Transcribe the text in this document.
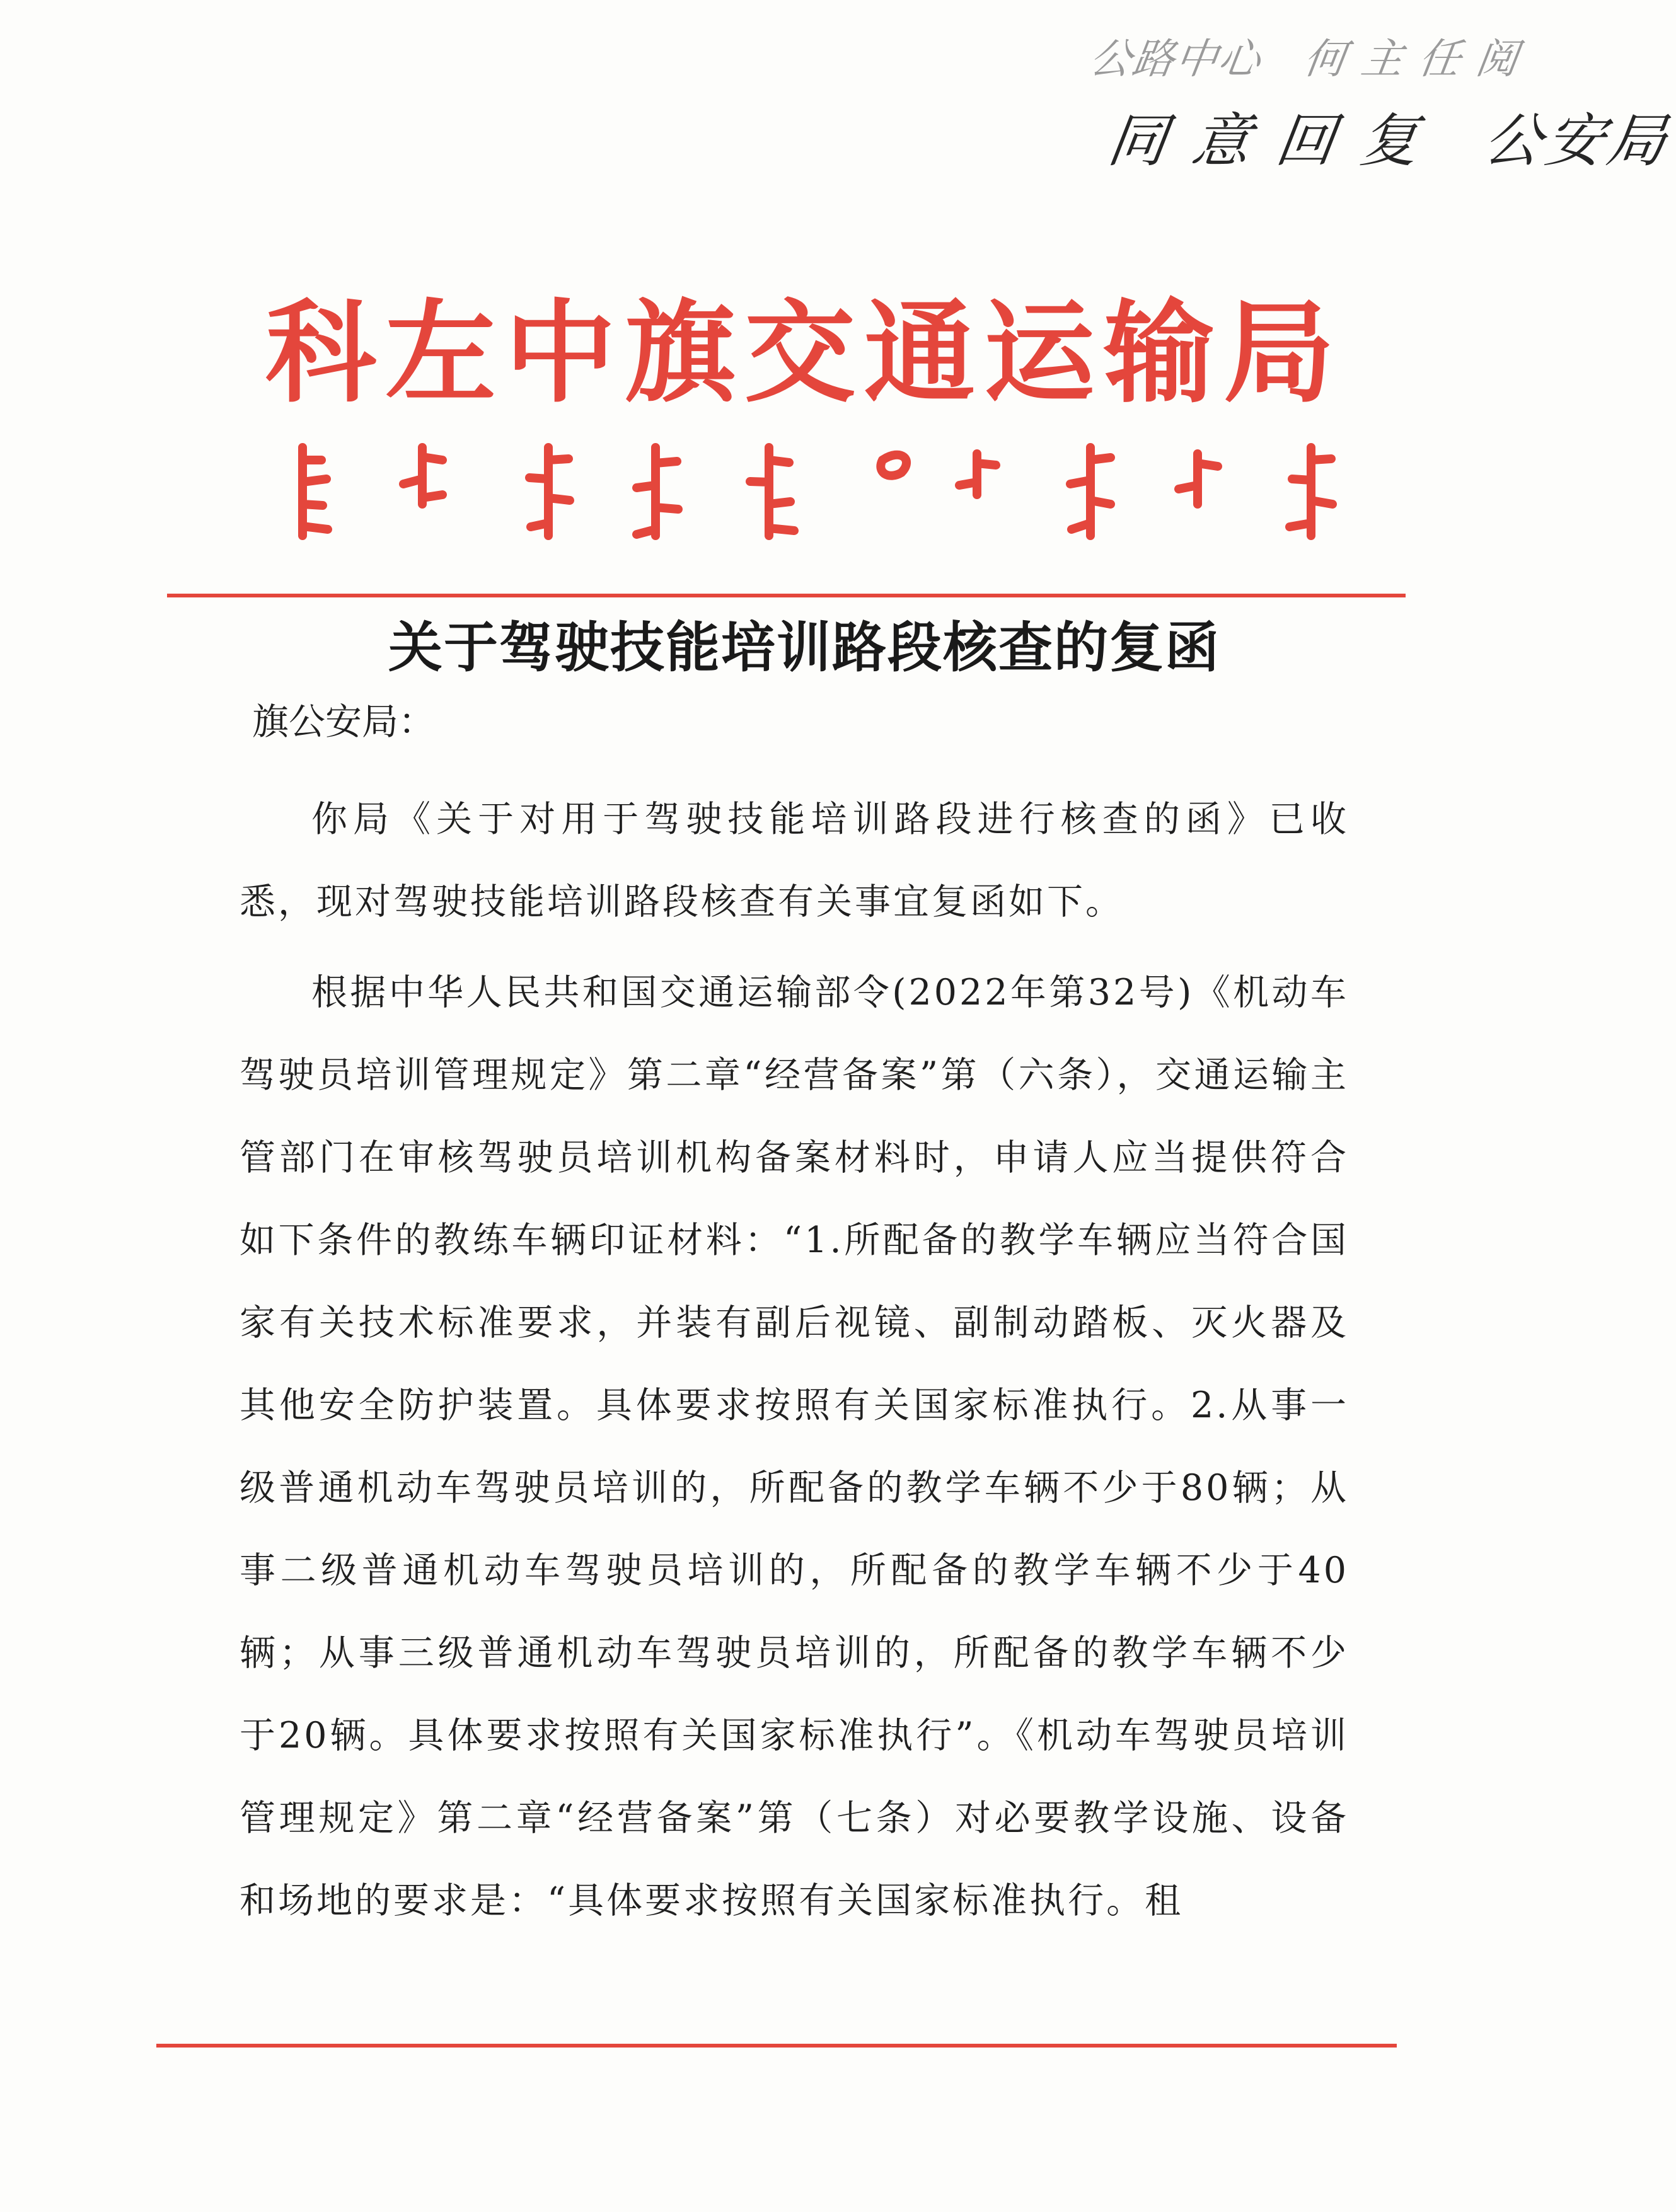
公路中心　何 主 任 阅
同 意 回 复　公安局
科左中旗交通运输局
关于驾驶技能培训路段核查的复函
旗公安局：

你局《关于对用于驾驶技能培训路段进行核查的函》已收悉，现对驾驶技能培训路段核查有关事宜复函如下。

根据中华人民共和国交通运输部令(2022年第32号)《机动车驾驶员培训管理规定》第二章“经营备案”第（六条），交通运输主管部门在审核驾驶员培训机构备案材料时，申请人应当提供符合如下条件的教练车辆印证材料：“1.所配备的教学车辆应当符合国家有关技术标准要求，并装有副后视镜、副制动踏板、灭火器及其他安全防护装置。具体要求按照有关国家标准执行。2.从事一级普通机动车驾驶员培训的，所配备的教学车辆不少于80辆；从事二级普通机动车驾驶员培训的，所配备的教学车辆不少于40辆；从事三级普通机动车驾驶员培训的，所配备的教学车辆不少于20辆。具体要求按照有关国家标准执行”。《机动车驾驶员培训管理规定》第二章“经营备案”第（七条）对必要教学设施、设备和场地的要求是：“具体要求按照有关国家标准执行。租
